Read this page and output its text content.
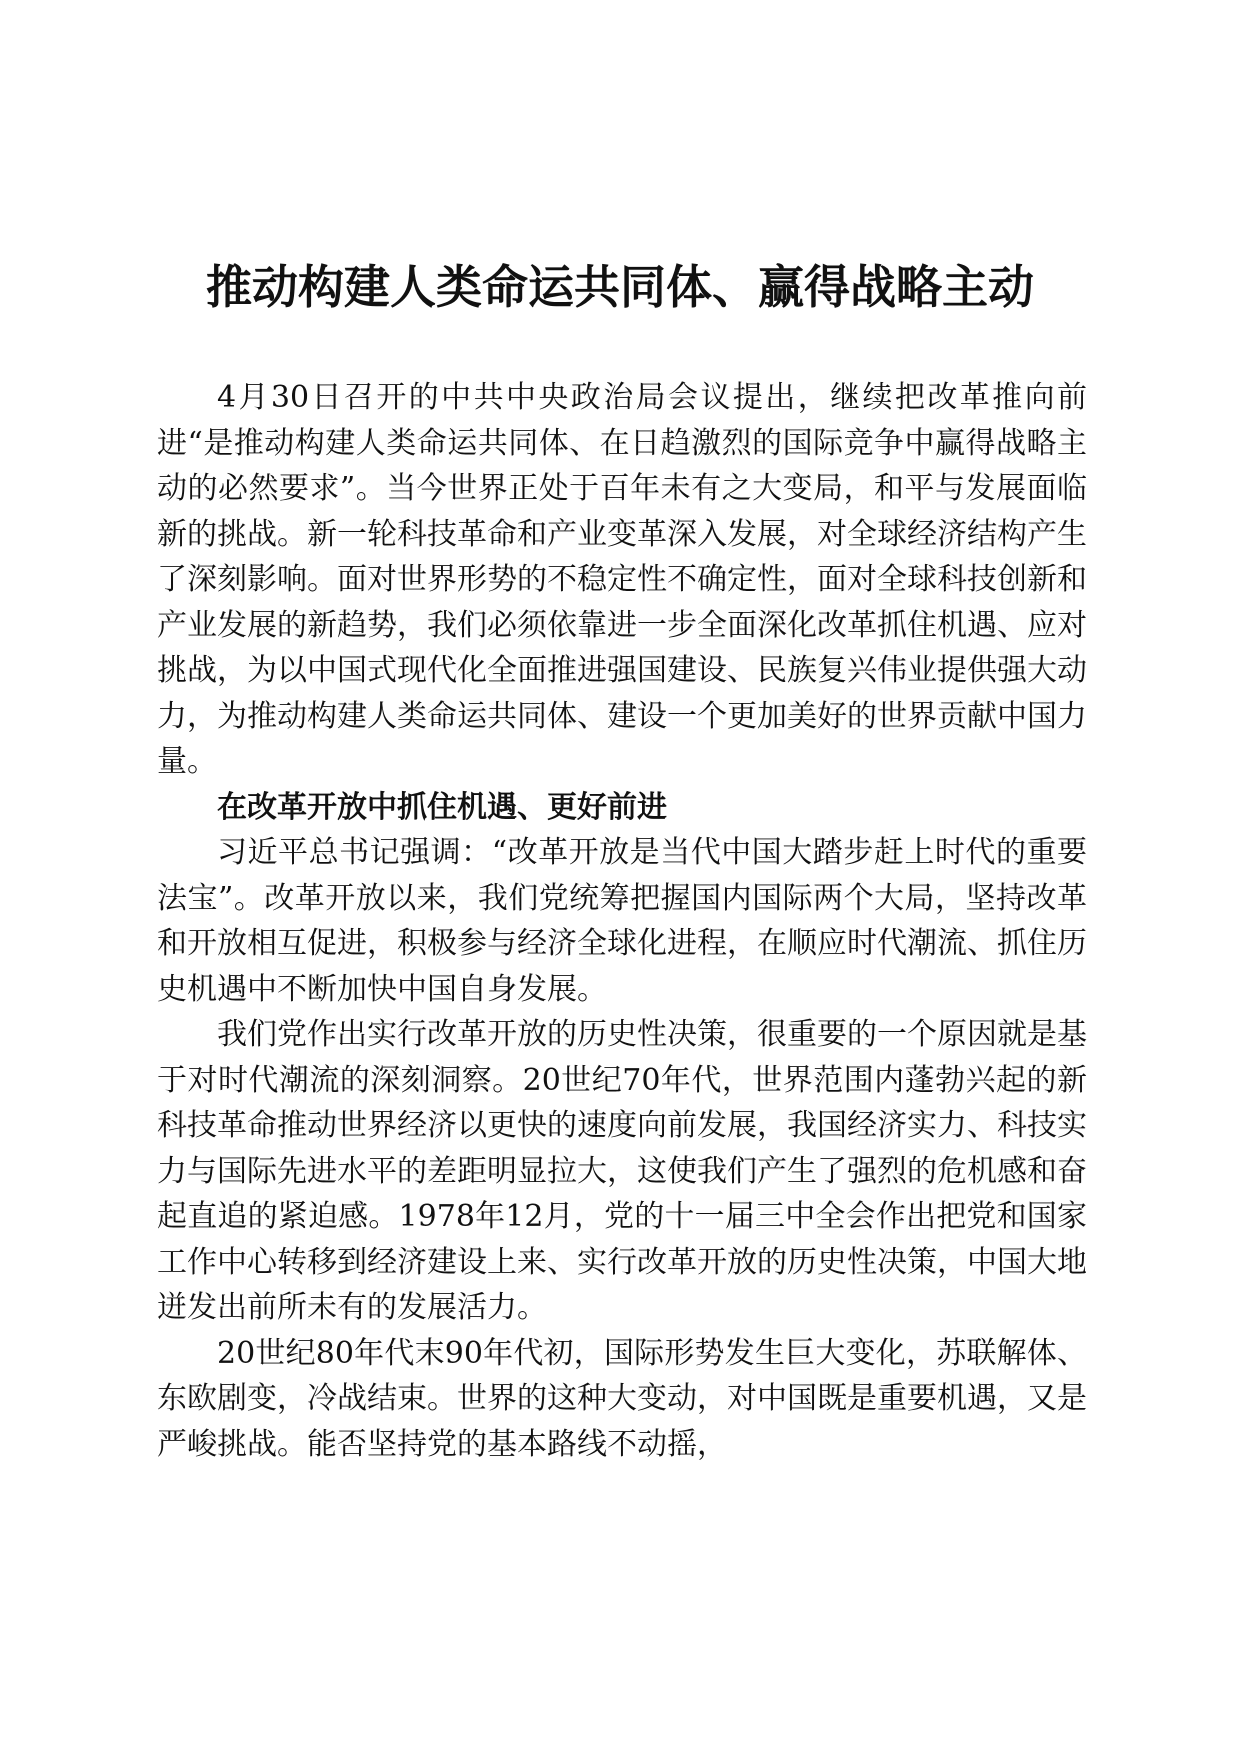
推动构建人类命运共同体、赢得战略主动

4月30日召开的中共中央政治局会议提出，继续把改革推向前进“是推动构建人类命运共同体、在日趋激烈的国际竞争中赢得战略主动的必然要求”。当今世界正处于百年未有之大变局，和平与发展面临新的挑战。新一轮科技革命和产业变革深入发展，对全球经济结构产生了深刻影响。面对世界形势的不稳定性不确定性，面对全球科技创新和产业发展的新趋势，我们必须依靠进一步全面深化改革抓住机遇、应对挑战，为以中国式现代化全面推进强国建设、民族复兴伟业提供强大动力，为推动构建人类命运共同体、建设一个更加美好的世界贡献中国力量。

在改革开放中抓住机遇、更好前进

习近平总书记强调：“改革开放是当代中国大踏步赶上时代的重要法宝”。改革开放以来，我们党统筹把握国内国际两个大局，坚持改革和开放相互促进，积极参与经济全球化进程，在顺应时代潮流、抓住历史机遇中不断加快中国自身发展。

我们党作出实行改革开放的历史性决策，很重要的一个原因就是基于对时代潮流的深刻洞察。20世纪70年代，世界范围内蓬勃兴起的新科技革命推动世界经济以更快的速度向前发展，我国经济实力、科技实力与国际先进水平的差距明显拉大，这使我们产生了强烈的危机感和奋起直追的紧迫感。1978年12月，党的十一届三中全会作出把党和国家工作中心转移到经济建设上来、实行改革开放的历史性决策，中国大地迸发出前所未有的发展活力。

20世纪80年代末90年代初，国际形势发生巨大变化，苏联解体、东欧剧变，冷战结束。世界的这种大变动，对中国既是重要机遇，又是严峻挑战。能否坚持党的基本路线不动摇，
